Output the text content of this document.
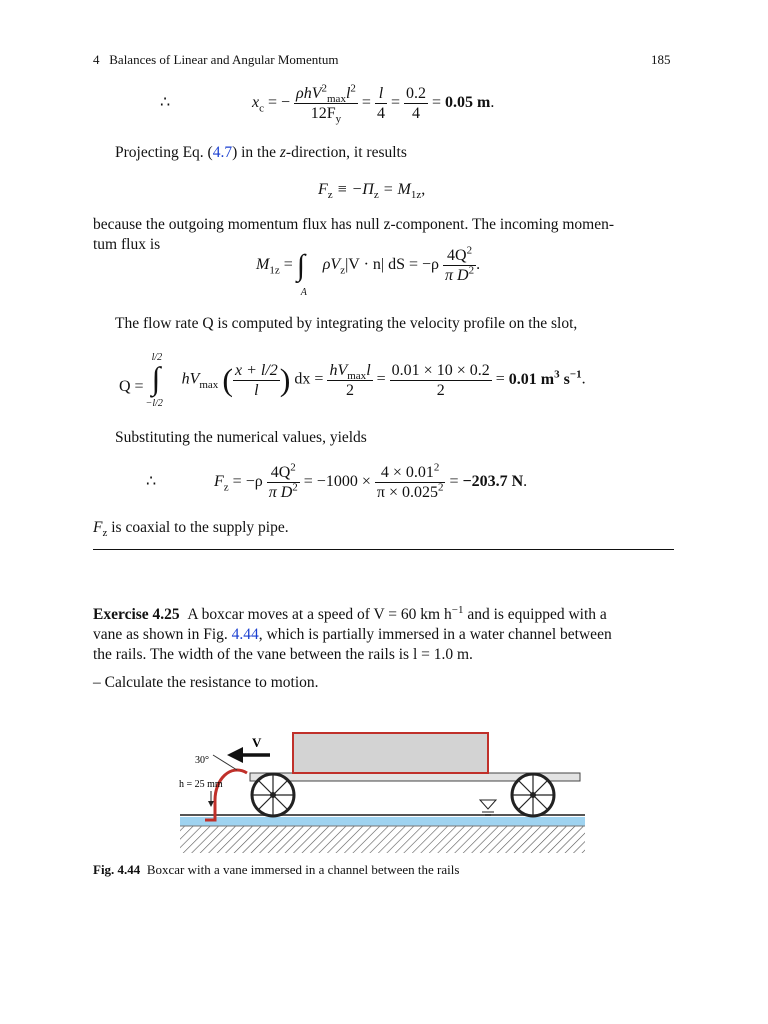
4 Balances of Linear and Angular Momentum	185
∴	$x_c$ = − $\frac{\rho hV^2_{max}l^2}{12F_y} = \frac{l}{4} = \frac{0.2}{4} = 0.05$ m.
Projecting Eq. (4.7) in the z-direction, it results
$F_z \equiv -\Pi_z = M_{1z}$,
because the outgoing momentum flux has null z-component. The incoming momen-
tum flux is
$M_{1z}$ = ∫
A
$\rho V_z|V \cdot n|$ dS = $-\rho \frac{4Q^2}{\pi D^2}$ .
The flow rate Q is computed by integrating the velocity profile on the slot,
Q =
l/2
∫
−l/2
$hV_{max}$ ( $\frac{x + l/2}{l}$ ) dx = $\frac{hV_{max}l}{2} = \frac{0.01 \times 10 \times 0.2}{2} = 0.01$ $m^3$ $s^{-1}$.
Substituting the numerical values, yields
∴	$F_z = -\rho \frac{4Q^2}{\pi D^2} = -1000 \times \frac{4 \times 0.01^2}{\pi \times 0.025^2} = -203.7$ N.
$F_z$ is coaxial to the supply pipe.
Exercise 4.25 A boxcar moves at a speed of V = 60 km $h^{-1}$ and is equipped with a
vane as shown in Fig. 4.44, which is partially immersed in a water channel between
the rails. The width of the vane between the rails is l = 1.0 m.
– Calculate the resistance to motion.
V
30°
h = 25 mm
Fig. 4.44 Boxcar with a vane immersed in a channel between the rails
